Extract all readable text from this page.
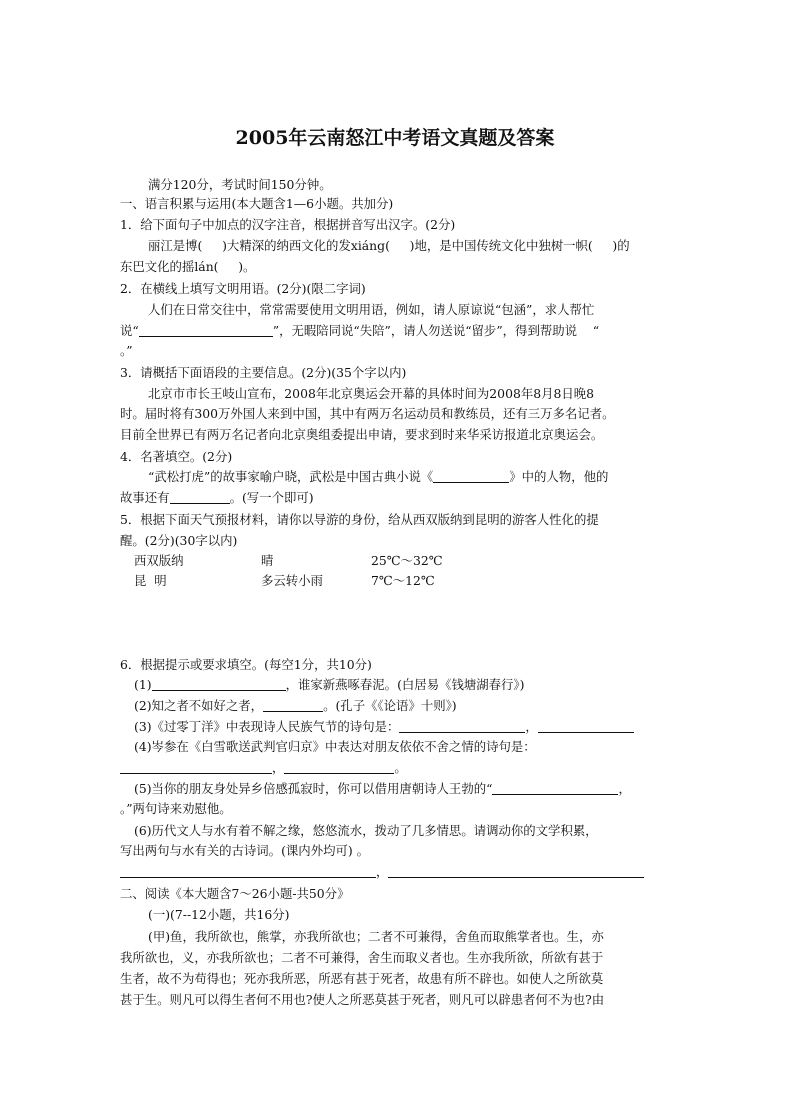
2005年云南怒江中考语文真题及答案
满分120分，考试时间150分钟。
一、语言积累与运用(本大题含1—6小题。共加分)
1．给下面句子中加点的汉字注音，根据拼音写出汉字。(2分)
丽江是博(     )大精深的纳西文化的发xiáng(     )地，是中国传统文化中独树一帜(     )的
东巴文化的摇lán(     )。
2．在横线上填写文明用语。(2分)(限二字词)
人们在日常交往中，常常需要使用文明用语，例如，请人原谅说“包涵”，求人帮忙
说“	”，无暇陪同说“失陪”，请人勿送说“留步”，得到帮助说    “
。”
3．请概括下面语段的主要信息。(2分)(35个字以内)
北京市市长王岐山宣布，2008年北京奥运会开幕的具体时间为2008年8月8日晚8
时。届时将有300万外国人来到中国，其中有两万名运动员和教练员，还有三万多名记者。
目前全世界已有两万名记者向北京奥组委提出申请，要求到时来华采访报道北京奥运会。
4．名著填空。(2分)
“武松打虎”的故事家喻户晓，武松是中国古典小说《	》中的人物，他的
故事还有	。(写一个即可)
5．根据下面天气预报材料，请你以导游的身份，给从西双版纳到昆明的游客人性化的提
醒。(2分)(30字以内)
西双版纳	晴	25℃～32℃
昆  明	多云转小雨	7℃～12℃
6．根据提示或要求填空。(每空1分，共10分)
(1)	，谁家新燕啄春泥。(白居易《钱塘湖春行》)
(2)知之者不如好之者，	。(孔子《《论语》十则》)
(3)《过零丁洋》中表现诗人民族气节的诗句是：	，
(4)岑参在《白雪歌送武判官归京》中表达对朋友依依不舍之情的诗句是：
，	。
(5)当你的朋友身处异乡倍感孤寂时，你可以借用唐朝诗人王勃的“	，
。”两句诗来劝慰他。
(6)历代文人与水有着不解之缘，悠悠流水，拨动了几多情思。请调动你的文学积累，
写出两句与水有关的古诗词。(课内外均可) 。
，
二、阅读《本大题含7～26小题-共50分》
(一)(7--12小题，共16分)
(甲)鱼，我所欲也，熊掌，亦我所欲也；二者不可兼得，舍鱼而取熊掌者也。生，亦
我所欲也，义，亦我所欲也；二者不可兼得，舍生而取义者也。生亦我所欲，所欲有甚于
生者，故不为苟得也；死亦我所恶，所恶有甚于死者，故患有所不辟也。如使人之所欲莫
甚于生。则凡可以得生者何不用也?使人之所恶莫甚于死者，则凡可以辟患者何不为也?由
